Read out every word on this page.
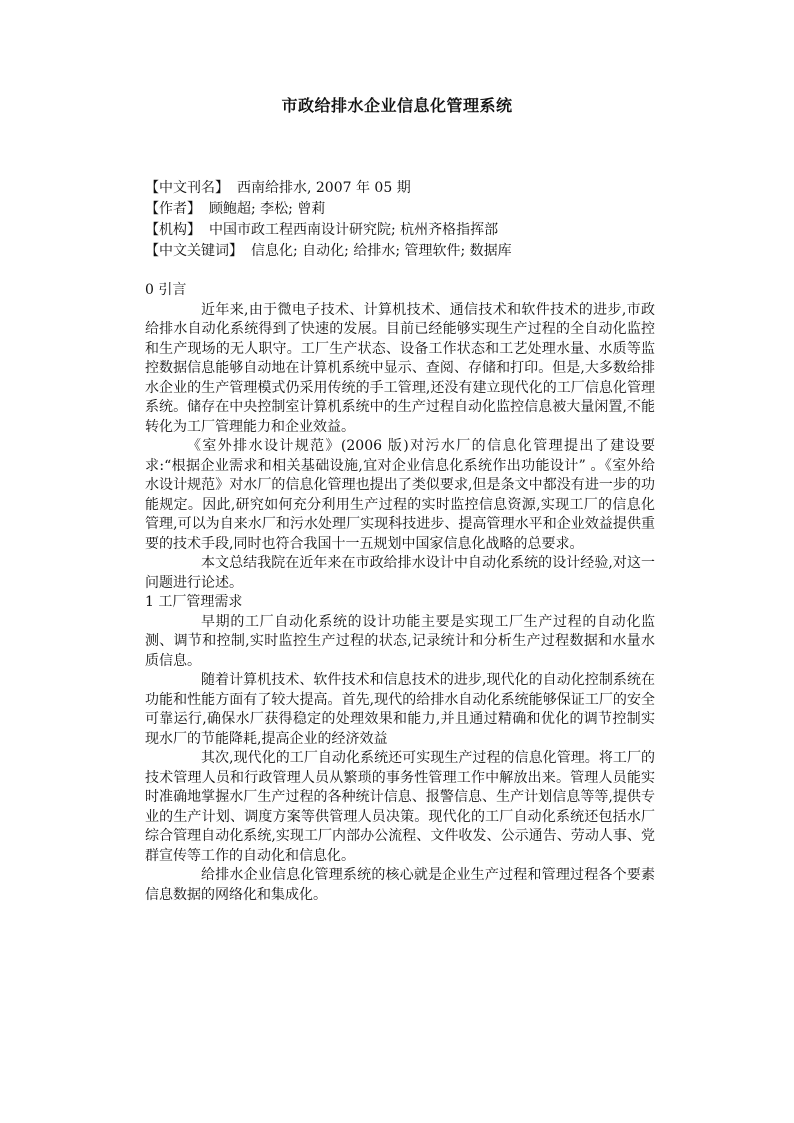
市政给排水企业信息化管理系统
【中文刊名】 西南给排水, 2007 年 05 期
【作者】 顾鲍超; 李松; 曾莉
【机构】 中国市政工程西南设计研究院; 杭州齐格指挥部
【中文关键词】 信息化; 自动化; 给排水; 管理软件; 数据库

0 引言

近年来,由于微电子技术、计算机技术、通信技术和软件技术的进步,市政给排水自动化系统得到了快速的发展。目前已经能够实现生产过程的全自动化监控和生产现场的无人职守。工厂生产状态、设备工作状态和工艺处理水量、水质等监控数据信息能够自动地在计算机系统中显示、查阅、存储和打印。但是,大多数给排水企业的生产管理模式仍采用传统的手工管理,还没有建立现代化的工厂信息化管理系统。储存在中央控制室计算机系统中的生产过程自动化监控信息被大量闲置,不能转化为工厂管理能力和企业效益。

《室外排水设计规范》(2006 版)对污水厂的信息化管理提出了建设要求:“根据企业需求和相关基础设施,宜对企业信息化系统作出功能设计” 。《室外给水设计规范》对水厂的信息化管理也提出了类似要求,但是条文中都没有进一步的功能规定。因此,研究如何充分利用生产过程的实时监控信息资源,实现工厂的信息化管理,可以为自来水厂和污水处理厂实现科技进步、提高管理水平和企业效益提供重要的技术手段,同时也符合我国十一五规划中国家信息化战略的总要求。

本文总结我院在近年来在市政给排水设计中自动化系统的设计经验,对这一问题进行论述。

1 工厂管理需求

早期的工厂自动化系统的设计功能主要是实现工厂生产过程的自动化监测、调节和控制,实时监控生产过程的状态,记录统计和分析生产过程数据和水量水质信息。

随着计算机技术、软件技术和信息技术的进步,现代化的自动化控制系统在功能和性能方面有了较大提高。首先,现代的给排水自动化系统能够保证工厂的安全可靠运行,确保水厂获得稳定的处理效果和能力,并且通过精确和优化的调节控制实现水厂的节能降耗,提高企业的经济效益

其次,现代化的工厂自动化系统还可实现生产过程的信息化管理。将工厂的技术管理人员和行政管理人员从繁琐的事务性管理工作中解放出来。管理人员能实时准确地掌握水厂生产过程的各种统计信息、报警信息、生产计划信息等等,提供专业的生产计划、调度方案等供管理人员决策。现代化的工厂自动化系统还包括水厂综合管理自动化系统,实现工厂内部办公流程、文件收发、公示通告、劳动人事、党群宣传等工作的自动化和信息化。

给排水企业信息化管理系统的核心就是企业生产过程和管理过程各个要素信息数据的网络化和集成化。
